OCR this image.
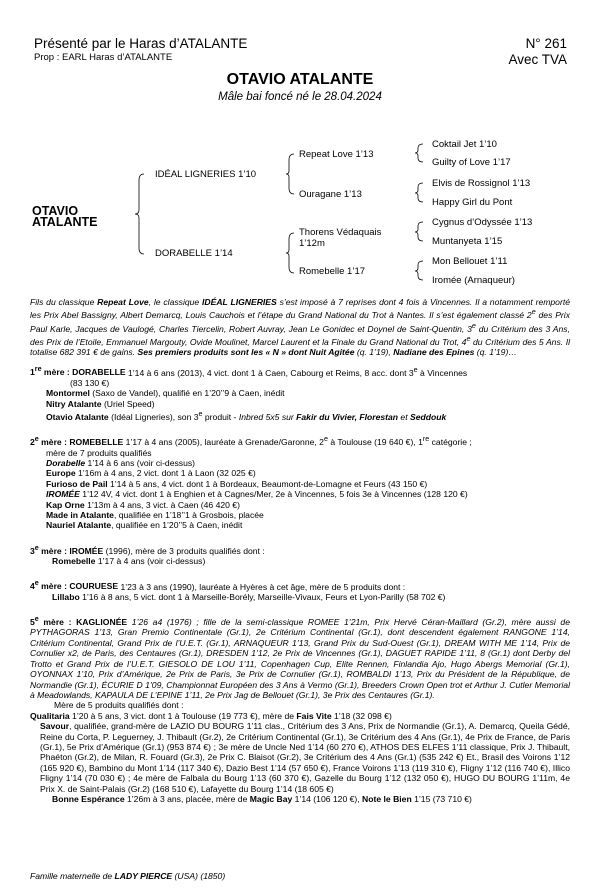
Présenté par le Haras d’ATALANTE
Prop : EARL Haras d’ATALANTE
N° 261
Avec TVA
OTAVIO ATALANTE
Mâle bai foncé né le 28.04.2024
OTAVIO
ATALANTE
IDÉAL LIGNERIES 1’10
DORABELLE 1’14
Repeat Love 1’13
Ouragane 1’13
Thorens Védaquais
1’12m
Romebelle 1’17
Coktail Jet 1’10
Guilty of Love 1’17
Elvis de Rossignol 1’13
Happy Girl du Pont
Cygnus d’Odyssée 1’13
Muntanyeta 1’15
Mon Bellouet 1’11
Iromée (Arnaqueur)

Fils du classique Repeat Love, le classique IDÉAL LIGNERIES s’est imposé à 7 reprises dont 4 fois à Vincennes. Il a notamment remporté les Prix Abel Bassigny, Albert Demarcq, Louis Cauchois et l’étape du Grand National du Trot à Nantes. Il s’est également classé 2e des Prix Paul Karle, Jacques de Vaulogé, Charles Tiercelin, Robert Auvray, Jean Le Gonidec et Doynel de Saint-Quentin, 3e du Critérium des 3 Ans, des Prix de l’Etoile, Emmanuel Margouty, Ovide Moulinet, Marcel Laurent et la Finale du Grand National du Trot, 4e du Critérium des 5 Ans. Il totalise 682 391 € de gains. Ses premiers produits sont les « N » dont Nuit Agitée (q. 1’19), Nadiane des Epines (q. 1’19)…

1re mère : DORABELLE 1’14 à 6 ans (2013), 4 vict. dont 1 à Caen, Cabourg et Reims, 8 acc. dont 3e à Vincennes

(83 130 €)

Montormel (Saxo de Vandel), qualifié en 1’20’’9 à Caen, inédit

Nitry Atalante (Uriel Speed)

Otavio Atalante (Idéal Ligneries), son 3e produit - Inbred 5x5 sur Fakir du Vivier, Florestan et Seddouk

2e mère : ROMEBELLE 1’17 à 4 ans (2005), lauréate à Grenade/Garonne, 2e à Toulouse (19 640 €), 1re catégorie ;

mère de 7 produits qualifiés

Dorabelle 1’14 à 6 ans (voir ci-dessus)

Europe 1’16m à 4 ans, 2 vict. dont 1 à Laon (32 025 €)

Furioso de Pail 1’14 à 5 ans, 4 vict. dont 1 à Bordeaux, Beaumont-de-Lomagne et Feurs (43 150 €)

IROMÉE 1’12 4V, 4 vict. dont 1 à Enghien et à Cagnes/Mer, 2e à Vincennes, 5 fois 3e à Vincennes (128 120 €)

Kap Orne 1’13m à 4 ans, 3 vict. à Caen (46 420 €)

Made in Atalante, qualifiée en 1’18’’1 à Grosbois, placée

Nauriel Atalante, qualifiée en 1’20’’5 à Caen, inédit

3e mère : IROMÉE (1996), mère de 3 produits qualifiés dont :

Romebelle 1’17 à 4 ans (voir ci-dessus)

4e mère : COURUESE 1’23 à 3 ans (1990), lauréate à Hyères à cet âge, mère de 5 produits dont :

Lillabo 1’16 à 8 ans, 5 vict. dont 1 à Marseille-Borély, Marseille-Vivaux, Feurs et Lyon-Parilly (58 702 €)

5e mère : KAGLIONÉE 1’26 a4 (1976) ; fille de la semi-classique ROMEE 1’21m, Prix Hervé Céran-Maillard (Gr.2), mère aussi de PYTHAGORAS 1’13, Gran Premio Continentale (Gr.1), 2e Critérium Continental (Gr.1), dont descendent également RANGONE 1’14, Critérium Continental, Grand Prix de l’U.E.T. (Gr.1), ARNAQUEUR 1’13, Grand Prix du Sud-Ouest (Gr.1), DREAM WITH ME 1’14, Prix de Cornulier x2, de Paris, des Centaures (Gr.1), DRESDEN 1’12, 2e Prix de Vincennes (Gr.1), DAGUET RAPIDE 1’11, 8 (Gr.1) dont Derby del Trotto et Grand Prix de l’U.E.T. GIESOLO DE LOU 1’11, Copenhagen Cup, Elite Rennen, Finlandia Ajo, Hugo Abergs Memorial (Gr.1), OYONNAX 1’10, Prix d’Amérique, 2e Prix de Paris, 3e Prix de Cornulier (Gr.1), ROMBALDI 1’13, Prix du Président de la République, de Normandie (Gr.1), ÉCURIE D 1’09, Championnat Européen des 3 Ans à Vermo (Gr.1), Breeders Crown Open trot et Arthur J. Cutler Memorial à Meadowlands, KAPAULA DE L’EPINE 1’11, 2e Prix Jag de Bellouet (Gr.1), 3e Prix des Centaures (Gr.1).

Mère de 5 produits qualifiés dont :

Qualitaria 1’20 à 5 ans, 3 vict. dont 1 à Toulouse (19 773 €), mère de Fais Vite 1’18 (32 098 €)

Savour, qualifiée, grand-mère de LAZIO DU BOURG 1’11 clas., Critérium des 3 Ans, Prix de Normandie (Gr.1), A. Demarcq, Queila Gédé, Reine du Corta, P. Leguerney, J. Thibault (Gr.2), 2e Critérium Continental (Gr.1), 3e Critérium des 4 Ans (Gr.1), 4e Prix de France, de Paris (Gr.1), 5e Prix d’Amérique (Gr.1) (953 874 €) ; 3e mère de Uncle Ned 1’14 (60 270 €), ATHOS DES ELFES 1’11 classique, Prix J. Thibault, Phaéton (Gr.2), de Milan, R. Fouard (Gr.3), 2e Prix C. Blaisot (Gr.2), 3e Critérium des 4 Ans (Gr.1) (535 242 €) Et., Brasil des Voirons 1’12 (165 920 €), Bambino du Mont 1’14 (117 340 €), Dazio Best 1’14 (57 650 €), France Voirons 1’13 (119 310 €), Fligny 1’12 (116 740 €), Illico Fligny 1’14 (70 030 €) ; 4e mère de Falbala du Bourg 1’13 (60 370 €), Gazelle du Bourg 1’12 (132 050 €), HUGO DU BOURG 1’11m, 4e Prix X. de Saint-Palais (Gr.2) (168 510 €), Lafayette du Bourg 1’14 (18 605 €)

Bonne Espérance 1’26m à 3 ans, placée, mère de Magic Bay 1’14 (106 120 €), Note le Bien 1’15 (73 710 €)

Famille maternelle de LADY PIERCE (USA) (1850)
